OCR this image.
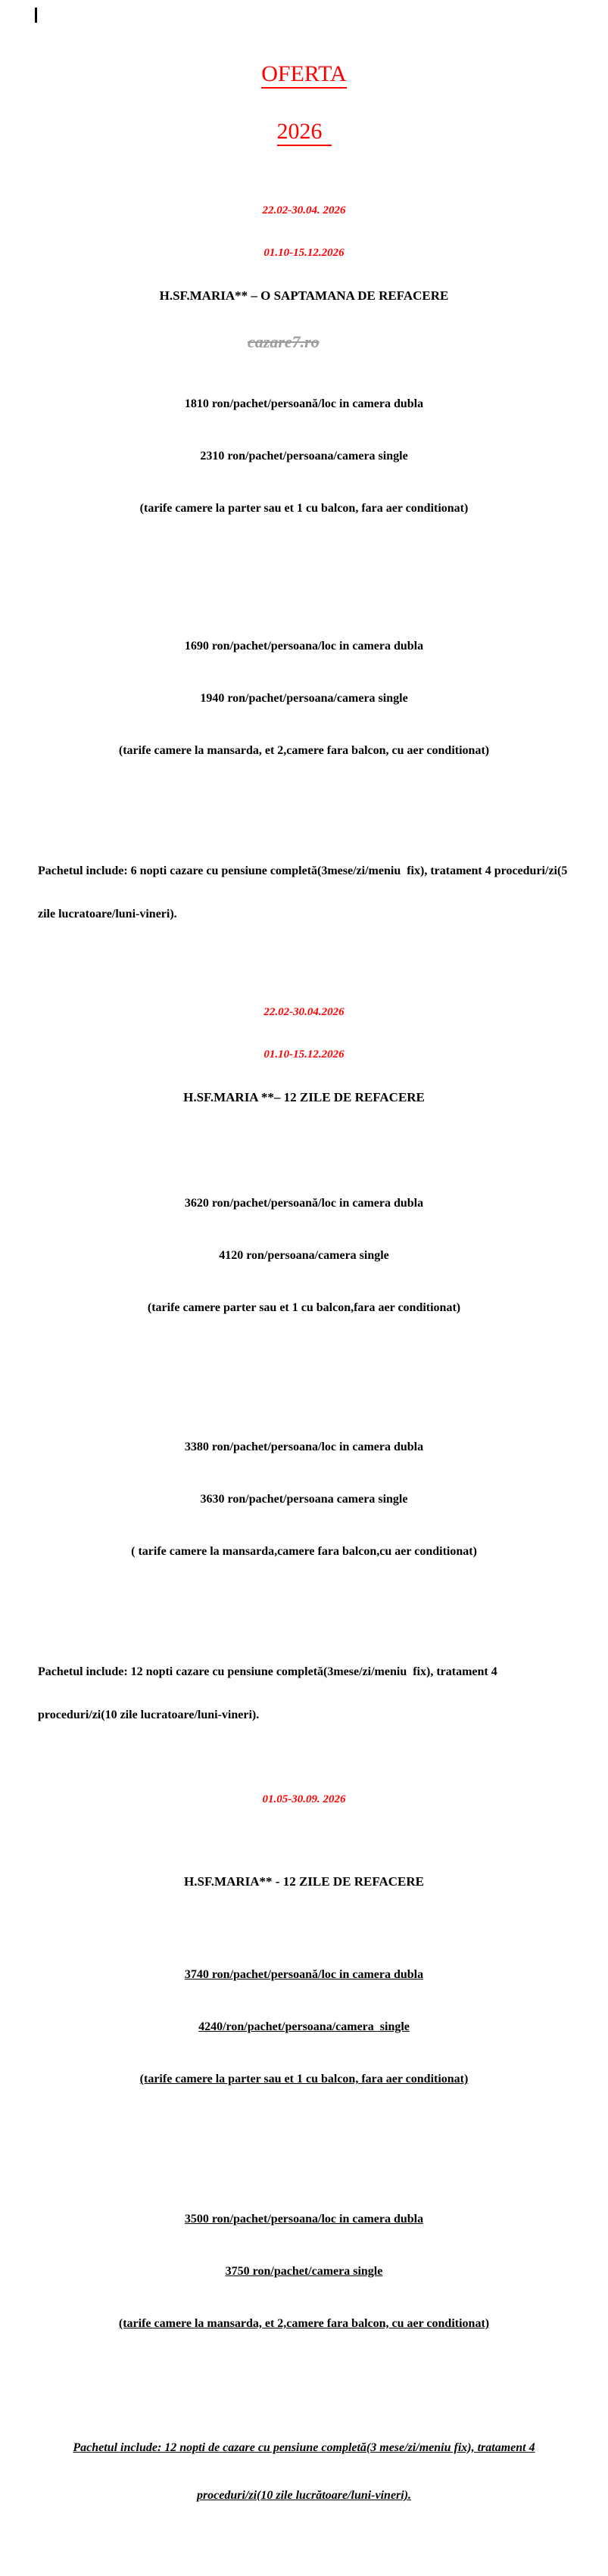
cazare7.ro

OFERTA

2026

22.02-30.04. 2026

01.10-15.12.2026

H.SF.MARIA** – O SAPTAMANA DE REFACERE

1810 ron/pachet/persoană/loc in camera dubla

2310 ron/pachet/persoana/camera single

(tarife camere la parter sau et 1 cu balcon, fara aer conditionat)

1690 ron/pachet/persoana/loc in camera dubla

1940 ron/pachet/persoana/camera single

(tarife camere la mansarda, et 2,camere fara balcon, cu aer conditionat)

Pachetul include: 6 nopti cazare cu pensiune completă(3mese/zi/meniu  fix), tratament 4 proceduri/zi(5

zile lucratoare/luni-vineri).

22.02-30.04.2026

01.10-15.12.2026

H.SF.MARIA **– 12 ZILE DE REFACERE

3620 ron/pachet/persoană/loc in camera dubla

4120 ron/persoana/camera single

(tarife camere parter sau et 1 cu balcon,fara aer conditionat)

3380 ron/pachet/persoana/loc in camera dubla

3630 ron/pachet/persoana camera single

( tarife camere la mansarda,camere fara balcon,cu aer conditionat)

Pachetul include: 12 nopti cazare cu pensiune completă(3mese/zi/meniu  fix), tratament 4

proceduri/zi(10 zile lucratoare/luni-vineri).

01.05-30.09. 2026

H.SF.MARIA** - 12 ZILE DE REFACERE

3740 ron/pachet/persoană/loc in camera dubla

4240/ron/pachet/persoana/camera  single

(tarife camere la parter sau et 1 cu balcon, fara aer conditionat)

3500 ron/pachet/persoana/loc in camera dubla

3750 ron/pachet/camera single

(tarife camere la mansarda, et 2,camere fara balcon, cu aer conditionat)

Pachetul include: 12 nopti de cazare cu pensiune completă(3 mese/zi/meniu fix), tratament 4

proceduri/zi(10 zile lucrătoare/luni-vineri).
